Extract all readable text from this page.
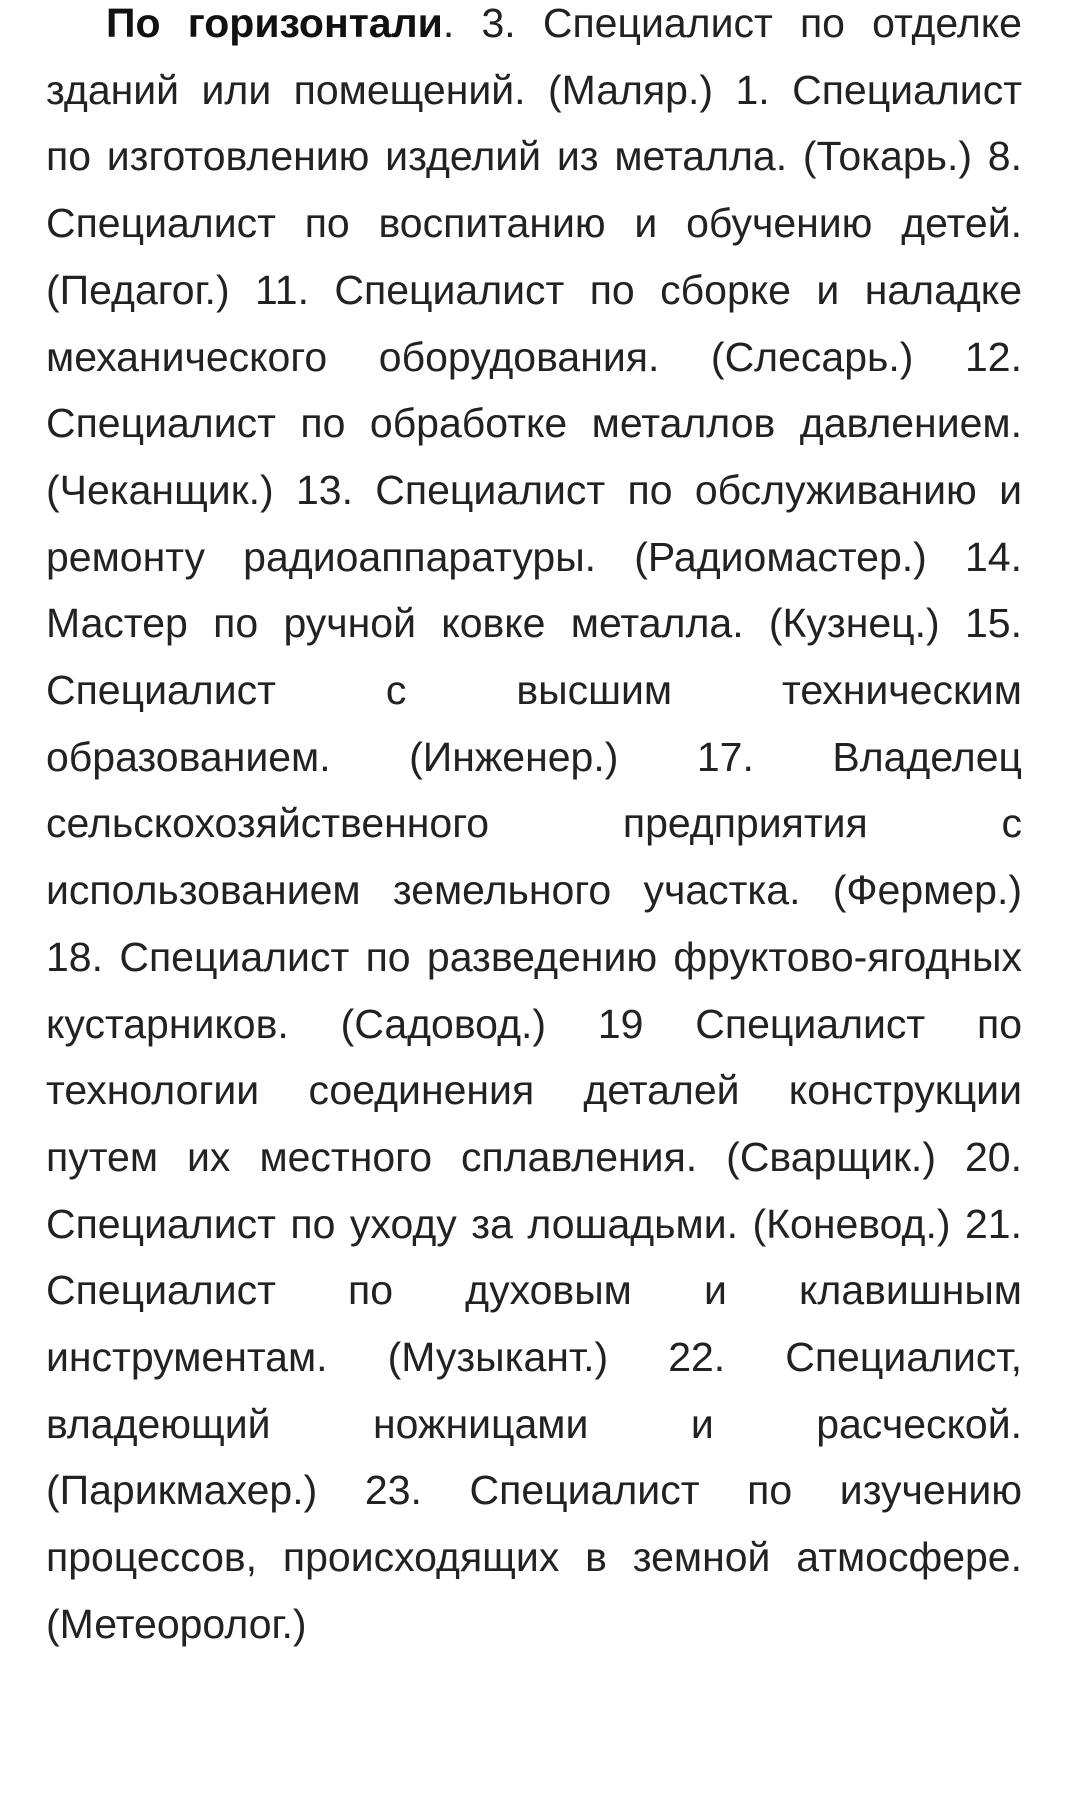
По горизонтали. 3. Специалист по отделке зданий или помещений. (Маляр.) 1. Специалист по изготовлению изделий из металла. (Токарь.) 8. Специалист по воспитанию и обучению детей. (Педагог.) 11. Специалист по сборке и наладке механического оборудования. (Слесарь.) 12. Специалист по обработке металлов давлением. (Чеканщик.) 13. Специалист по обслуживанию и ремонту радиоаппаратуры. (Радиомастер.) 14. Мастер по ручной ковке металла. (Кузнец.) 15. Специалист с высшим техническим образованием. (Инженер.) 17. Владелец сельскохозяйственного предприятия с использованием земельного участка. (Фермер.) 18. Специалист по разведению фруктово-ягодных кустарников. (Садовод.) 19 Специалист по технологии соединения деталей конструкции путем их местного сплавления. (Сварщик.) 20. Специалист по уходу за лошадьми. (Коневод.) 21. Специалист по духовым и клавишным инструментам. (Музыкант.) 22. Специалист, владеющий ножницами и расческой. (Парикмахер.) 23. Специалист по изучению процессов, происходящих в земной атмосфере. (Метеоролог.)
